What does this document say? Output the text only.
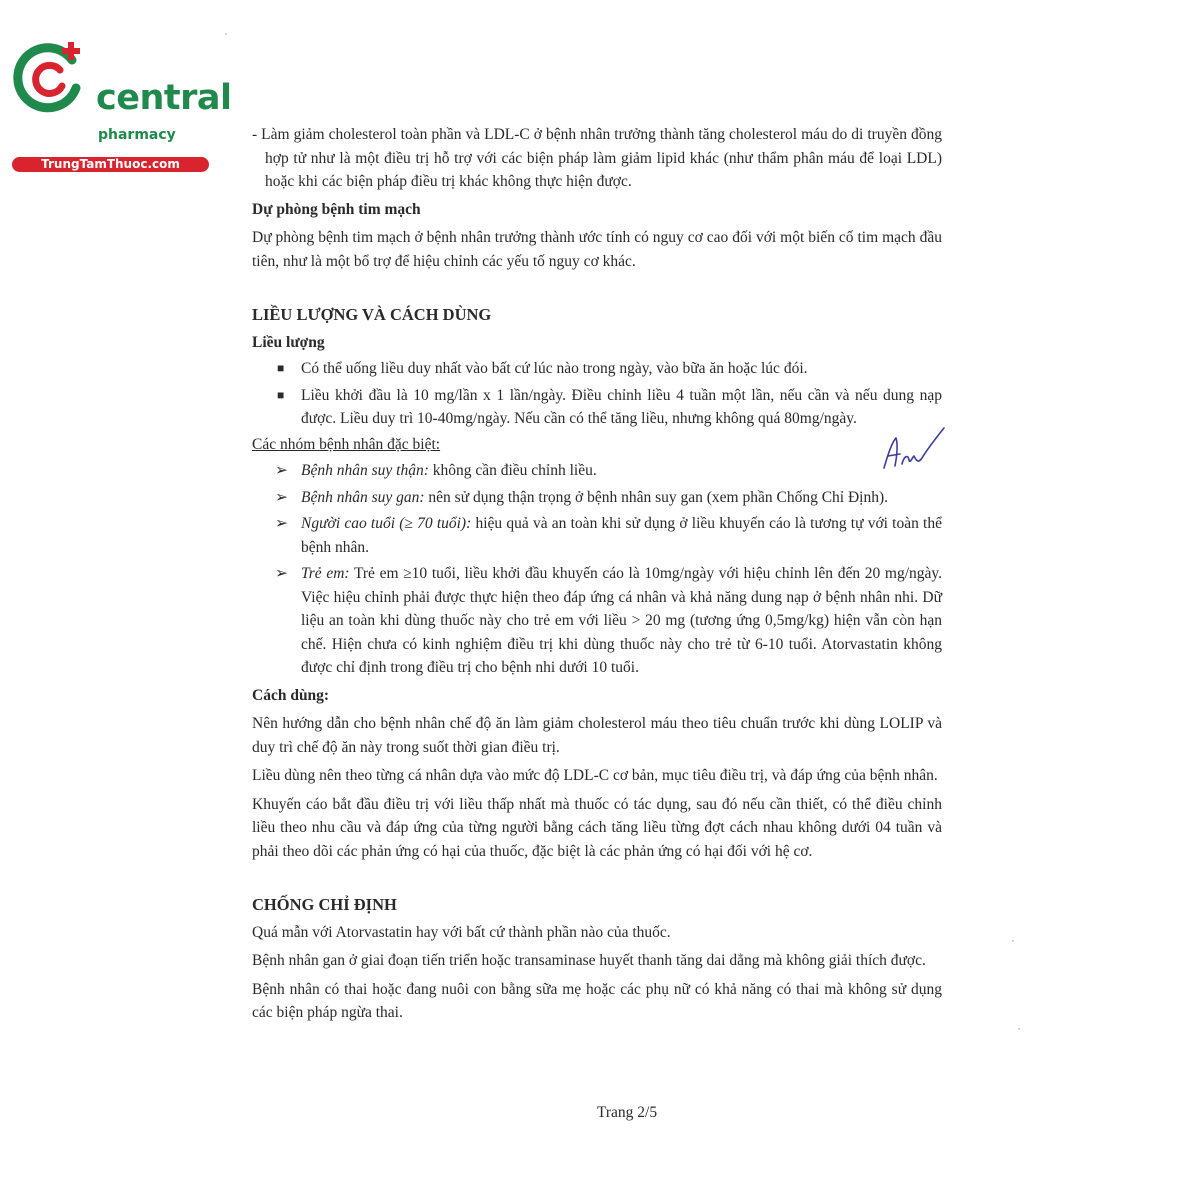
central
pharmacy
TrungTamThuoc.com

- Làm giảm cholesterol toàn phần và LDL-C ở bệnh nhân trưởng thành tăng cholesterol máu do di truyền đồng hợp tử như là một điều trị hỗ trợ với các biện pháp làm giảm lipid khác (như thẩm phân máu để loại LDL) hoặc khi các biện pháp điều trị khác không thực hiện được.

Dự phòng bệnh tim mạch

Dự phòng bệnh tim mạch ở bệnh nhân trưởng thành ước tính có nguy cơ cao đối với một biến cố tim mạch đầu tiên, như là một bổ trợ để hiệu chỉnh các yếu tố nguy cơ khác.

LIỀU LƯỢNG VÀ CÁCH DÙNG

Liều lượng

■ Có thể uống liều duy nhất vào bất cứ lúc nào trong ngày, vào bữa ăn hoặc lúc đói.

■ Liều khởi đầu là 10 mg/lần x 1 lần/ngày. Điều chỉnh liều 4 tuần một lần, nếu cần và nếu dung nạp được. Liều duy trì 10-40mg/ngày. Nếu cần có thể tăng liều, nhưng không quá 80mg/ngày.

Các nhóm bệnh nhân đặc biệt:

➢ Bệnh nhân suy thận: không cần điều chỉnh liều.

➢ Bệnh nhân suy gan: nên sử dụng thận trọng ở bệnh nhân suy gan (xem phần Chống Chỉ Định).

➢ Người cao tuổi (≥ 70 tuổi): hiệu quả và an toàn khi sử dụng ở liều khuyến cáo là tương tự với toàn thể bệnh nhân.

➢ Trẻ em: Trẻ em ≥10 tuổi, liều khởi đầu khuyến cáo là 10mg/ngày với hiệu chỉnh lên đến 20 mg/ngày. Việc hiệu chỉnh phải được thực hiện theo đáp ứng cá nhân và khả năng dung nạp ở bệnh nhân nhi. Dữ liệu an toàn khi dùng thuốc này cho trẻ em với liều > 20 mg (tương ứng 0,5mg/kg) hiện vẫn còn hạn chế. Hiện chưa có kinh nghiệm điều trị khi dùng thuốc này cho trẻ từ 6-10 tuổi. Atorvastatin không được chỉ định trong điều trị cho bệnh nhi dưới 10 tuổi.

Cách dùng:

Nên hướng dẫn cho bệnh nhân chế độ ăn làm giảm cholesterol máu theo tiêu chuẩn trước khi dùng LOLIP và duy trì chế độ ăn này trong suốt thời gian điều trị.

Liều dùng nên theo từng cá nhân dựa vào mức độ LDL-C cơ bản, mục tiêu điều trị, và đáp ứng của bệnh nhân.

Khuyến cáo bắt đầu điều trị với liều thấp nhất mà thuốc có tác dụng, sau đó nếu cần thiết, có thể điều chỉnh liều theo nhu cầu và đáp ứng của từng người bằng cách tăng liều từng đợt cách nhau không dưới 04 tuần và phải theo dõi các phản ứng có hại của thuốc, đặc biệt là các phản ứng có hại đối với hệ cơ.

CHỐNG CHỈ ĐỊNH

Quá mẫn với Atorvastatin hay với bất cứ thành phần nào của thuốc.

Bệnh nhân gan ở giai đoạn tiến triển hoặc transaminase huyết thanh tăng dai dẳng mà không giải thích được.

Bệnh nhân có thai hoặc đang nuôi con bằng sữa mẹ hoặc các phụ nữ có khả năng có thai mà không sử dụng các biện pháp ngừa thai.

Trang 2/5
